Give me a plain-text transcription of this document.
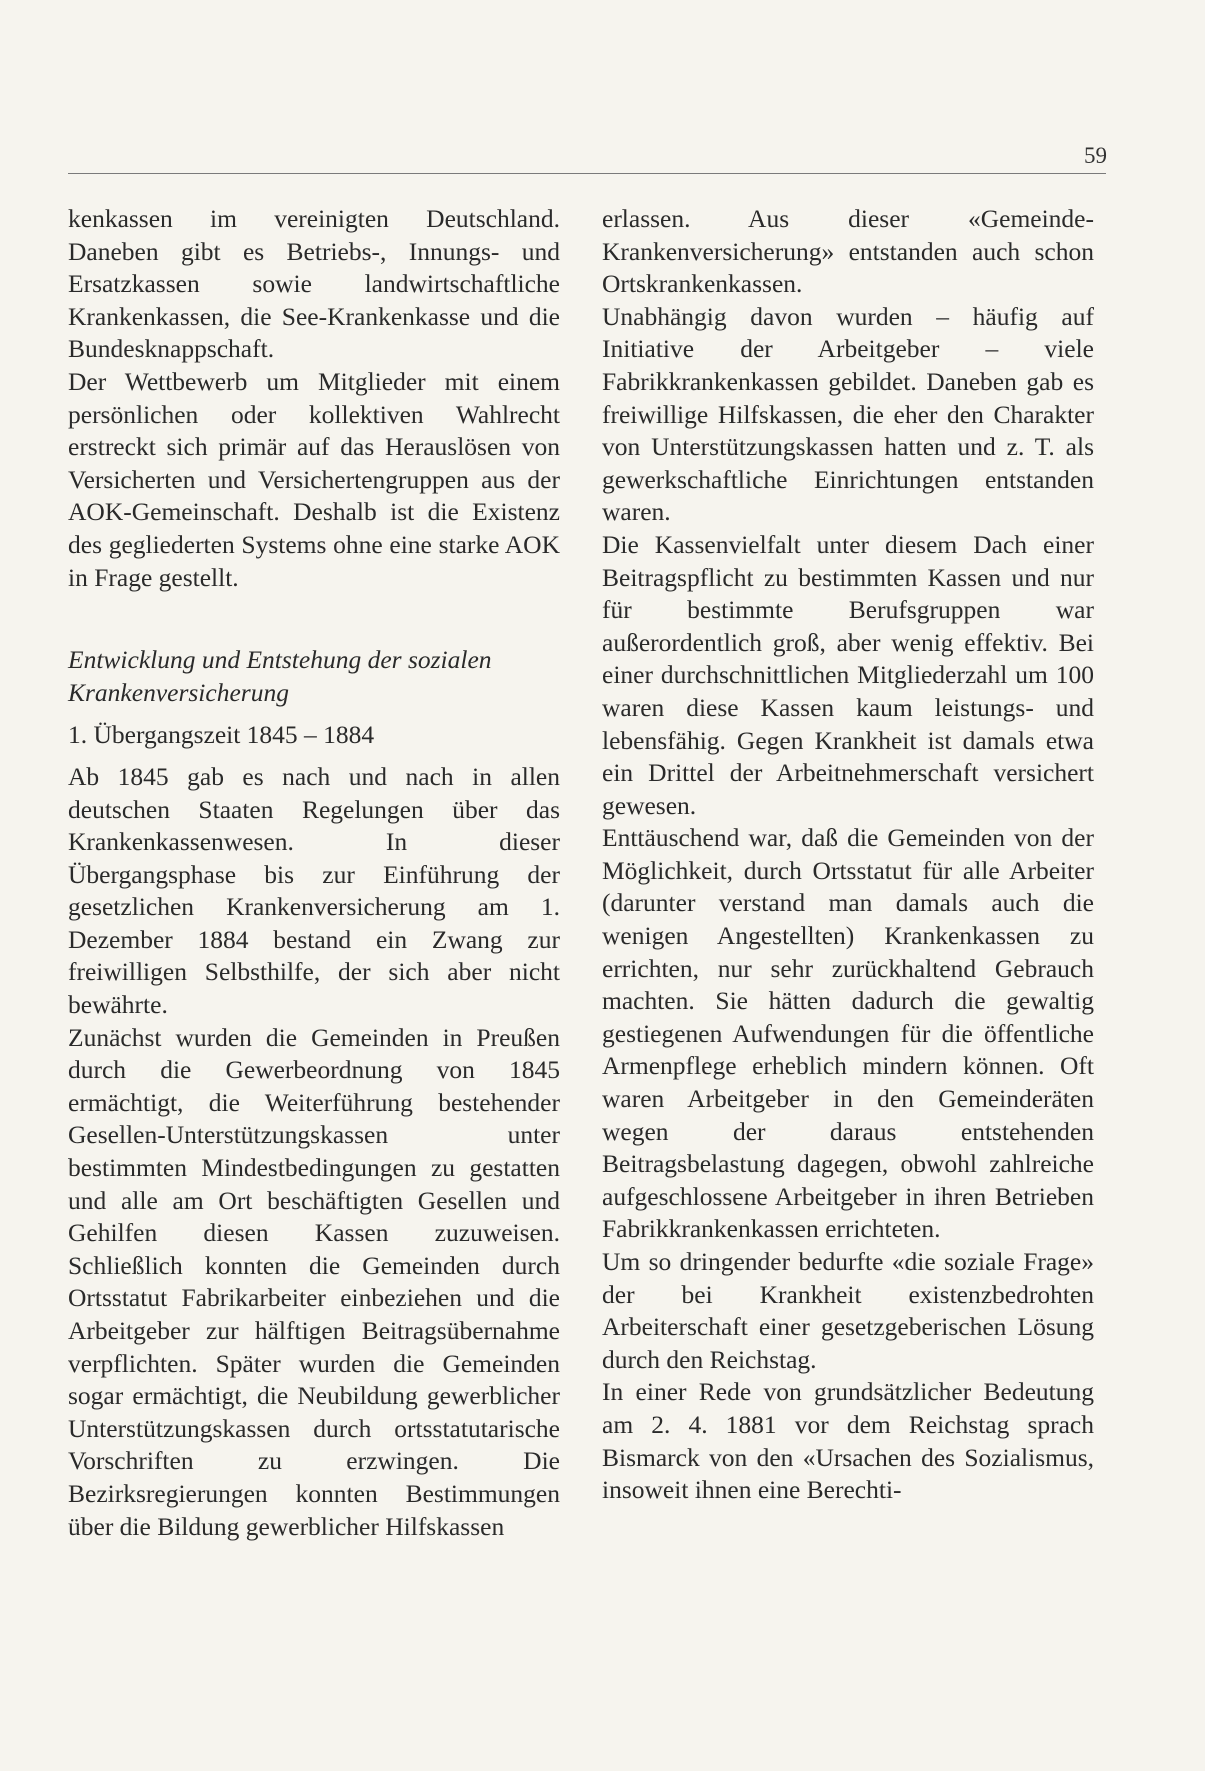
59

kenkassen im vereinigten Deutschland. Daneben gibt es Betriebs-, Innungs- und Ersatzkassen sowie landwirtschaftliche Krankenkassen, die See-Krankenkasse und die Bundesknappschaft.

Der Wettbewerb um Mitglieder mit einem persönlichen oder kollektiven Wahlrecht erstreckt sich primär auf das Herauslösen von Versicherten und Versichertengruppen aus der AOK-Gemeinschaft. Deshalb ist die Existenz des gegliederten Systems ohne eine starke AOK in Frage gestellt.

Entwicklung und Entstehung der sozialen Krankenversicherung

1. Übergangszeit 1845 – 1884

Ab 1845 gab es nach und nach in allen deutschen Staaten Regelungen über das Krankenkassenwesen. In dieser Übergangsphase bis zur Einführung der gesetzlichen Krankenversicherung am 1. Dezember 1884 bestand ein Zwang zur freiwilligen Selbsthilfe, der sich aber nicht bewährte.

Zunächst wurden die Gemeinden in Preußen durch die Gewerbeordnung von 1845 ermächtigt, die Weiterführung bestehender Gesellen-Unterstützungskassen unter bestimmten Mindestbedingungen zu gestatten und alle am Ort beschäftigten Gesellen und Gehilfen diesen Kassen zuzuweisen. Schließlich konnten die Gemeinden durch Ortsstatut Fabrikarbeiter einbeziehen und die Arbeitgeber zur hälftigen Beitragsübernahme verpflichten. Später wurden die Gemeinden sogar ermächtigt, die Neubildung gewerblicher Unterstützungskassen durch ortsstatutarische Vorschriften zu erzwingen. Die Bezirksregierungen konnten Bestimmungen über die Bildung gewerblicher Hilfskassen

erlassen. Aus dieser «Gemeinde-Krankenversicherung» entstanden auch schon Ortskrankenkassen.

Unabhängig davon wurden – häufig auf Initiative der Arbeitgeber – viele Fabrikkrankenkassen gebildet. Daneben gab es freiwillige Hilfskassen, die eher den Charakter von Unterstützungskassen hatten und z. T. als gewerkschaftliche Einrichtungen entstanden waren.

Die Kassenvielfalt unter diesem Dach einer Beitragspflicht zu bestimmten Kassen und nur für bestimmte Berufsgruppen war außerordentlich groß, aber wenig effektiv. Bei einer durchschnittlichen Mitgliederzahl um 100 waren diese Kassen kaum leistungs- und lebensfähig. Gegen Krankheit ist damals etwa ein Drittel der Arbeitnehmerschaft versichert gewesen.

Enttäuschend war, daß die Gemeinden von der Möglichkeit, durch Ortsstatut für alle Arbeiter (darunter verstand man damals auch die wenigen Angestellten) Krankenkassen zu errichten, nur sehr zurückhaltend Gebrauch machten. Sie hätten dadurch die gewaltig gestiegenen Aufwendungen für die öffentliche Armenpflege erheblich mindern können. Oft waren Arbeitgeber in den Gemeinderäten wegen der daraus entstehenden Beitragsbelastung dagegen, obwohl zahlreiche aufgeschlossene Arbeitgeber in ihren Betrieben Fabrikkrankenkassen errichteten.

Um so dringender bedurfte «die soziale Frage» der bei Krankheit existenzbedrohten Arbeiterschaft einer gesetzgeberischen Lösung durch den Reichstag.

In einer Rede von grundsätzlicher Bedeutung am 2. 4. 1881 vor dem Reichstag sprach Bismarck von den «Ursachen des Sozialismus, insoweit ihnen eine Berechti-
